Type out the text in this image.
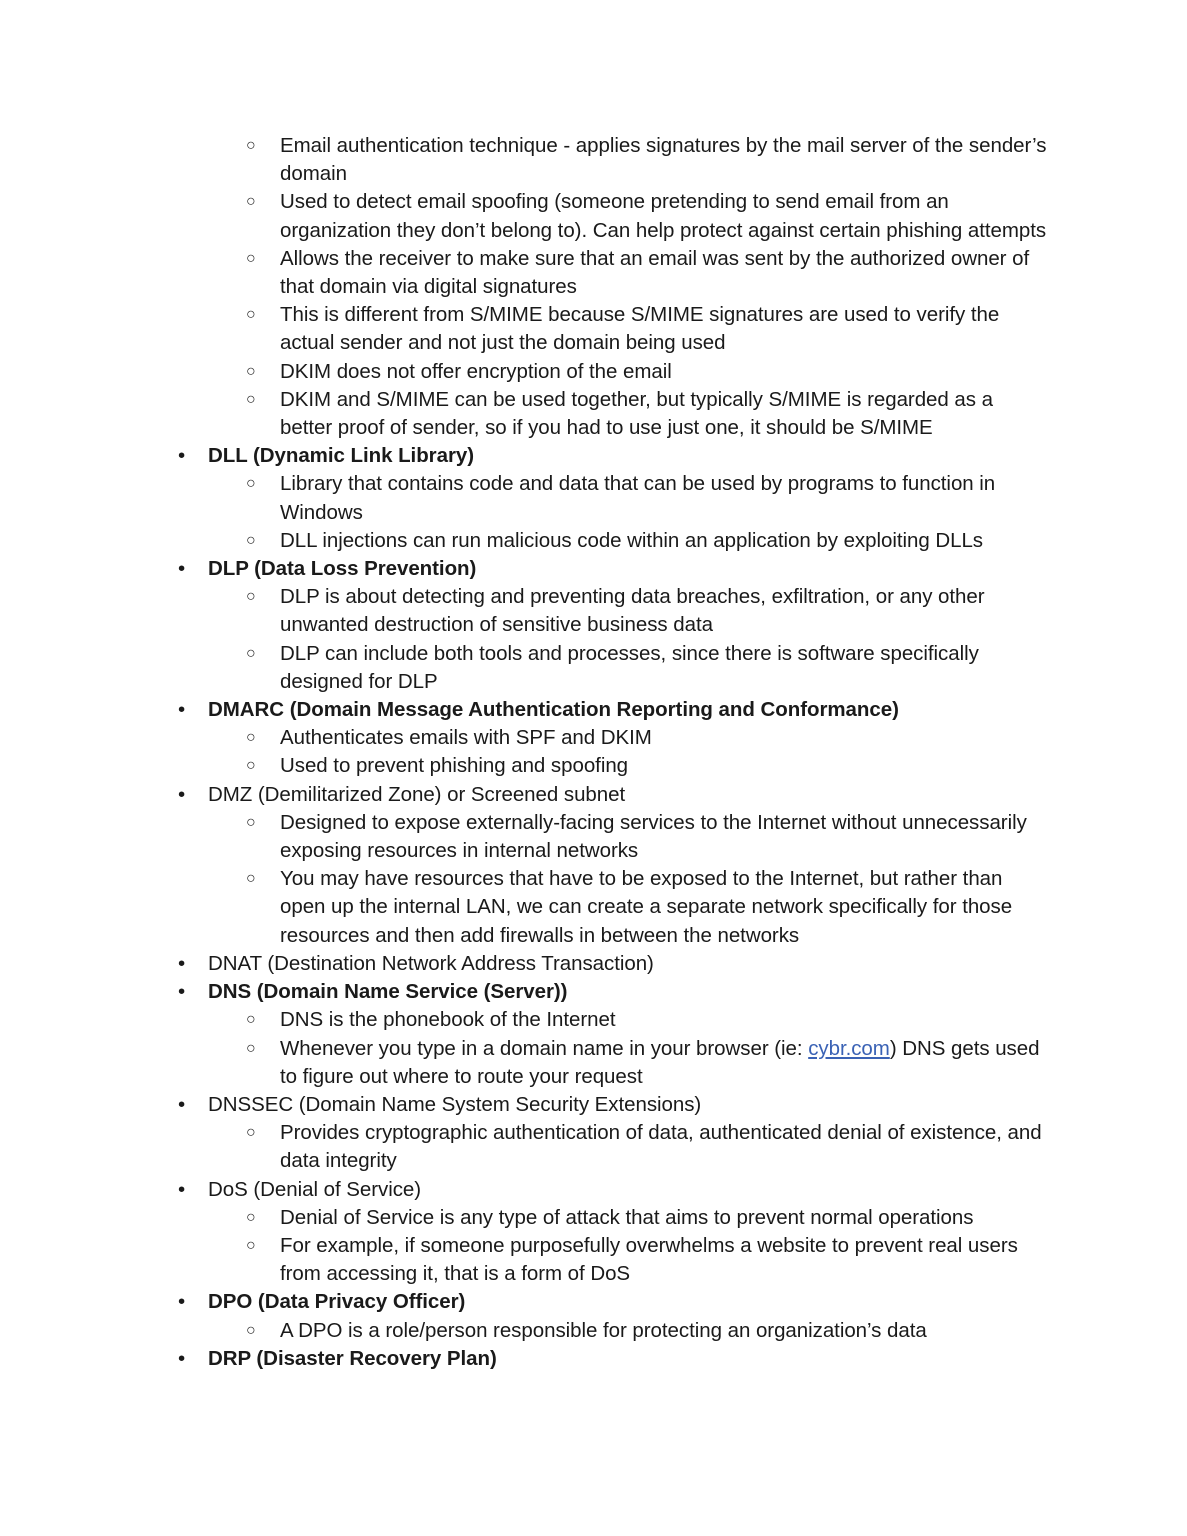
○	Email authentication technique - applies signatures by the mail server of the sender’s domain
○	Used to detect email spoofing (someone pretending to send email from an organization they don’t belong to). Can help protect against certain phishing attempts
○	Allows the receiver to make sure that an email was sent by the authorized owner of that domain via digital signatures
○	This is different from S/MIME because S/MIME signatures are used to verify the actual sender and not just the domain being used
○	DKIM does not offer encryption of the email
○	DKIM and S/MIME can be used together, but typically S/MIME is regarded as a better proof of sender, so if you had to use just one, it should be S/MIME
•	DLL (Dynamic Link Library)
○	Library that contains code and data that can be used by programs to function in Windows
○	DLL injections can run malicious code within an application by exploiting DLLs
•	DLP (Data Loss Prevention)
○	DLP is about detecting and preventing data breaches, exfiltration, or any other unwanted destruction of sensitive business data
○	DLP can include both tools and processes, since there is software specifically designed for DLP
•	DMARC (Domain Message Authentication Reporting and Conformance)
○	Authenticates emails with SPF and DKIM
○	Used to prevent phishing and spoofing
•	DMZ (Demilitarized Zone) or Screened subnet
○	Designed to expose externally-facing services to the Internet without unnecessarily exposing resources in internal networks
○	You may have resources that have to be exposed to the Internet, but rather than open up the internal LAN, we can create a separate network specifically for those resources and then add firewalls in between the networks
•	DNAT (Destination Network Address Transaction)
•	DNS (Domain Name Service (Server))
○	DNS is the phonebook of the Internet
○	Whenever you type in a domain name in your browser (ie: cybr.com) DNS gets used to figure out where to route your request
•	DNSSEC (Domain Name System Security Extensions)
○	Provides cryptographic authentication of data, authenticated denial of existence, and data integrity
•	DoS (Denial of Service)
○	Denial of Service is any type of attack that aims to prevent normal operations
○	For example, if someone purposefully overwhelms a website to prevent real users from accessing it, that is a form of DoS
•	DPO (Data Privacy Officer)
○	A DPO is a role/person responsible for protecting an organization’s data
•	DRP (Disaster Recovery Plan)
